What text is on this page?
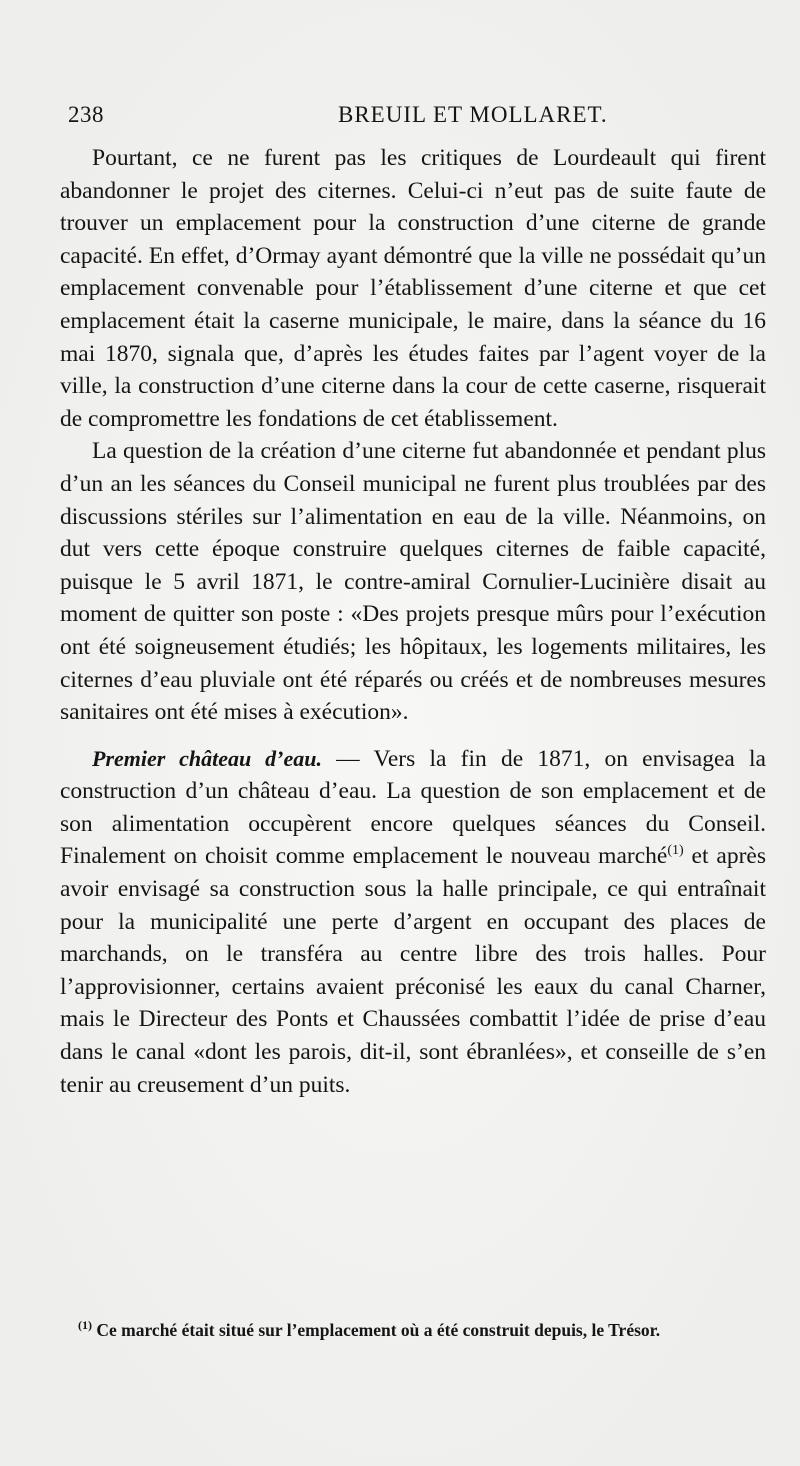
238	BREUIL ET MOLLARET.

Pourtant, ce ne furent pas les critiques de Lourdeault qui firent abandonner le projet des citernes. Celui-ci n’eut pas de suite faute de trouver un emplacement pour la construction d’une citerne de grande capacité. En effet, d’Ormay ayant démontré que la ville ne possédait qu’un emplacement convenable pour l’établissement d’une citerne et que cet emplacement était la caserne municipale, le maire, dans la séance du 16 mai 1870, signala que, d’après les études faites par l’agent voyer de la ville, la construction d’une citerne dans la cour de cette caserne, risquerait de compromettre les fondations de cet établissement.

La question de la création d’une citerne fut abandonnée et pendant plus d’un an les séances du Conseil municipal ne furent plus troublées par des discussions stériles sur l’alimentation en eau de la ville. Néanmoins, on dut vers cette époque construire quelques citernes de faible capacité, puisque le 5 avril 1871, le contre-amiral Cornulier-Lucinière disait au moment de quitter son poste : «Des projets presque mûrs pour l’exécution ont été soigneusement étudiés; les hôpitaux, les logements militaires, les citernes d’eau pluviale ont été réparés ou créés et de nombreuses mesures sanitaires ont été mises à exécution».

Premier château d’eau. — Vers la fin de 1871, on envisagea la construction d’un château d’eau. La question de son emplacement et de son alimentation occupèrent encore quelques séances du Conseil. Finalement on choisit comme emplacement le nouveau marché$^{(1)}$ et après avoir envisagé sa construction sous la halle principale, ce qui entraînait pour la municipalité une perte d’argent en occupant des places de marchands, on le transféra au centre libre des trois halles. Pour l’approvisionner, certains avaient préconisé les eaux du canal Charner, mais le Directeur des Ponts et Chaussées combattit l’idée de prise d’eau dans le canal «dont les parois, dit-il, sont ébranlées», et conseille de s’en tenir au creusement d’un puits.

$^{(1)}$ Ce marché était situé sur l’emplacement où a été construit depuis, le Trésor.
